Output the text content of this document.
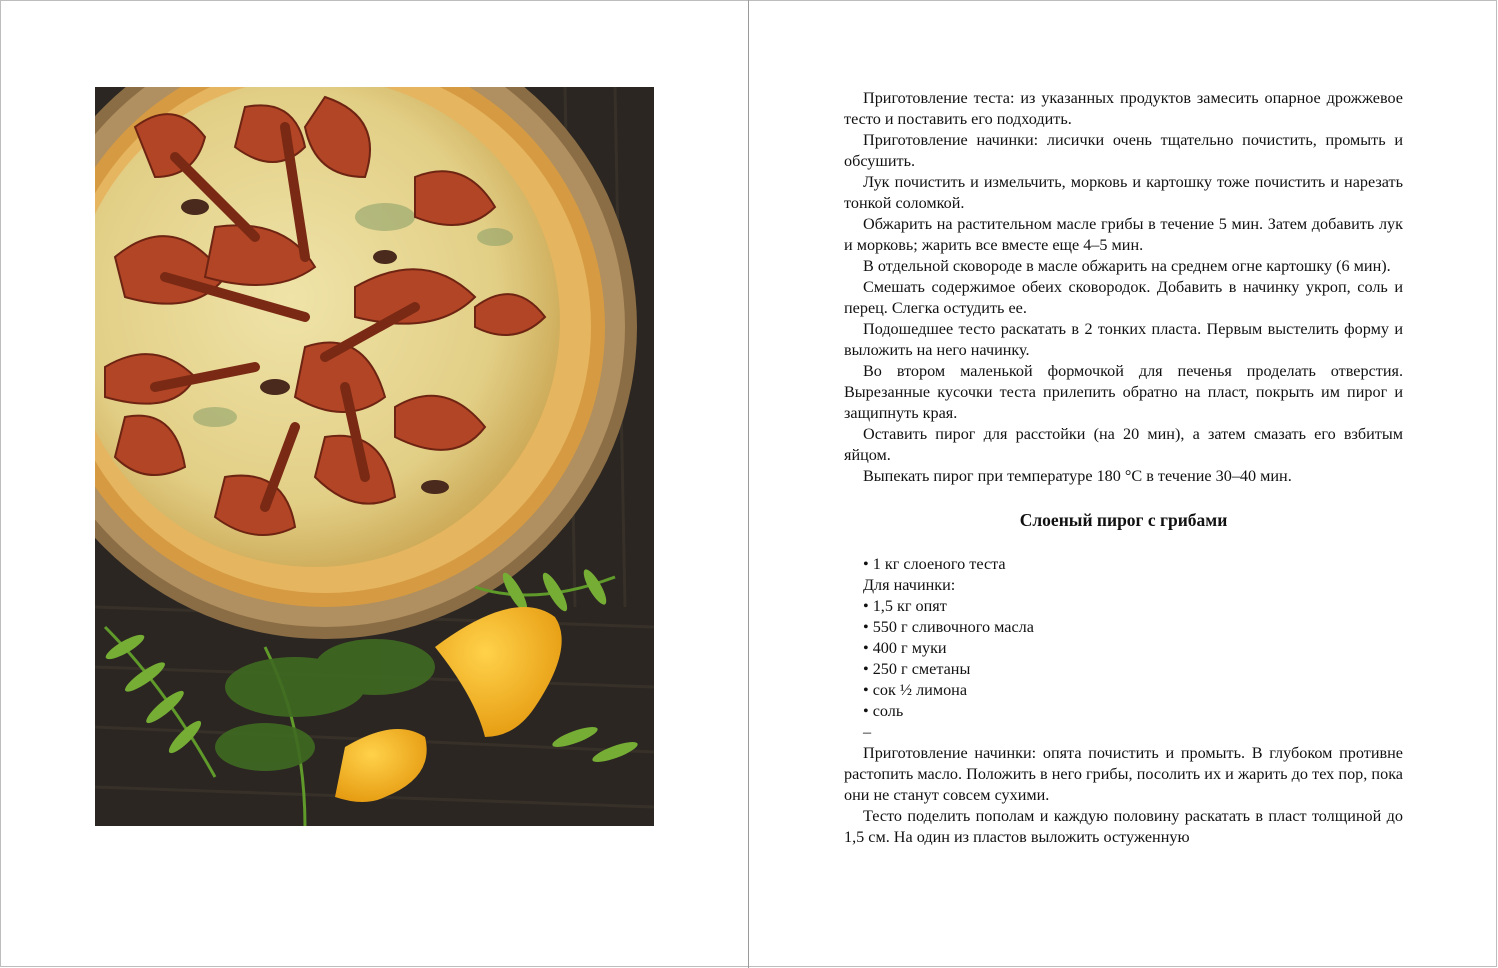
Приготовление теста: из указанных продуктов замесить опарное дрожжевое тесто и поставить его подходить.

Приготовление начинки: лисички очень тщательно почистить, промыть и обсушить.

Лук почистить и измельчить, морковь и картошку тоже почистить и нарезать тонкой соломкой.

Обжарить на растительном масле грибы в течение 5 мин. Затем добавить лук и морковь; жарить все вместе еще 4–5 мин.

В отдельной сковороде в масле обжарить на среднем огне картошку (6 мин).

Смешать содержимое обеих сковородок. Добавить в начинку укроп, соль и перец. Слегка остудить ее.

Подошедшее тесто раскатать в 2 тонких пласта. Первым выстелить форму и выложить на него начинку.

Во втором маленькой формочкой для печенья проделать отверстия. Вырезанные кусочки теста прилепить обратно на пласт, покрыть им пирог и защипнуть края.

Оставить пирог для расстойки (на 20 мин), а затем смазать его взбитым яйцом.

Выпекать пирог при температуре 180 °C в течение 30–40 мин.

Слоеный пирог с грибами

• 1 кг слоеного теста

Для начинки:

• 1,5 кг опят

• 550 г сливочного масла

• 400 г муки

• 250 г сметаны

• сок ½ лимона

• соль

–

Приготовление начинки: опята почистить и промыть. В глубоком противне растопить масло. Положить в него грибы, посолить их и жарить до тех пор, пока они не станут совсем сухими.

Тесто поделить пополам и каждую половину раскатать в пласт толщиной до 1,5 см. На один из пластов выложить остуженную
